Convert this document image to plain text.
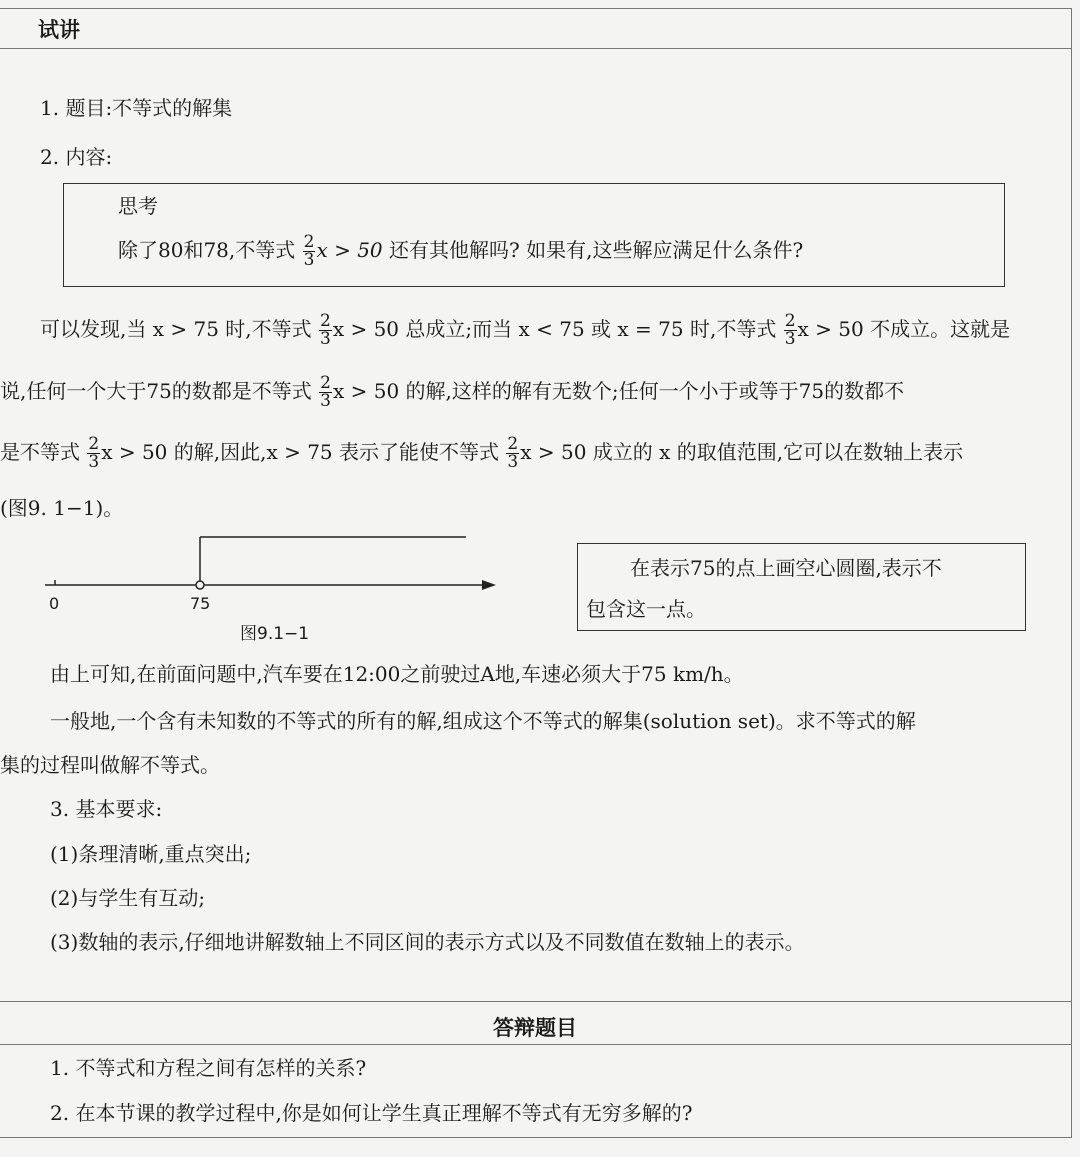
试讲
1. 题目:不等式的解集
2. 内容:
思考
除了80和78,不等式 $\frac{2}{3}$ x > 50 还有其他解吗? 如果有,这些解应满足什么条件?
可以发现,当 x > 75 时,不等式 $\frac{2}{3}$ x > 50 总成立;而当 x < 75 或 x = 75 时,不等式 $\frac{2}{3}$ x > 50 不成立。这就是
说,任何一个大于75的数都是不等式 $\frac{2}{3}$ x > 50 的解,这样的解有无数个;任何一个小于或等于75的数都不
是不等式 $\frac{2}{3}$ x > 50 的解,因此,x > 75 表示了能使不等式 $\frac{2}{3}$ x > 50 成立的 x 的取值范围,它可以在数轴上表示
(图9. 1−1)。
0	75
图9.1−1
在表示75的点上画空心圆圈,表示不
包含这一点。
由上可知,在前面问题中,汽车要在12:00之前驶过A地,车速必须大于75 km/h。
一般地,一个含有未知数的不等式的所有的解,组成这个不等式的解集(solution set)。求不等式的解
集的过程叫做解不等式。
3. 基本要求:
(1)条理清晰,重点突出;
(2)与学生有互动;
(3)数轴的表示,仔细地讲解数轴上不同区间的表示方式以及不同数值在数轴上的表示。
答辩题目
1. 不等式和方程之间有怎样的关系?
2. 在本节课的教学过程中,你是如何让学生真正理解不等式有无穷多解的?
